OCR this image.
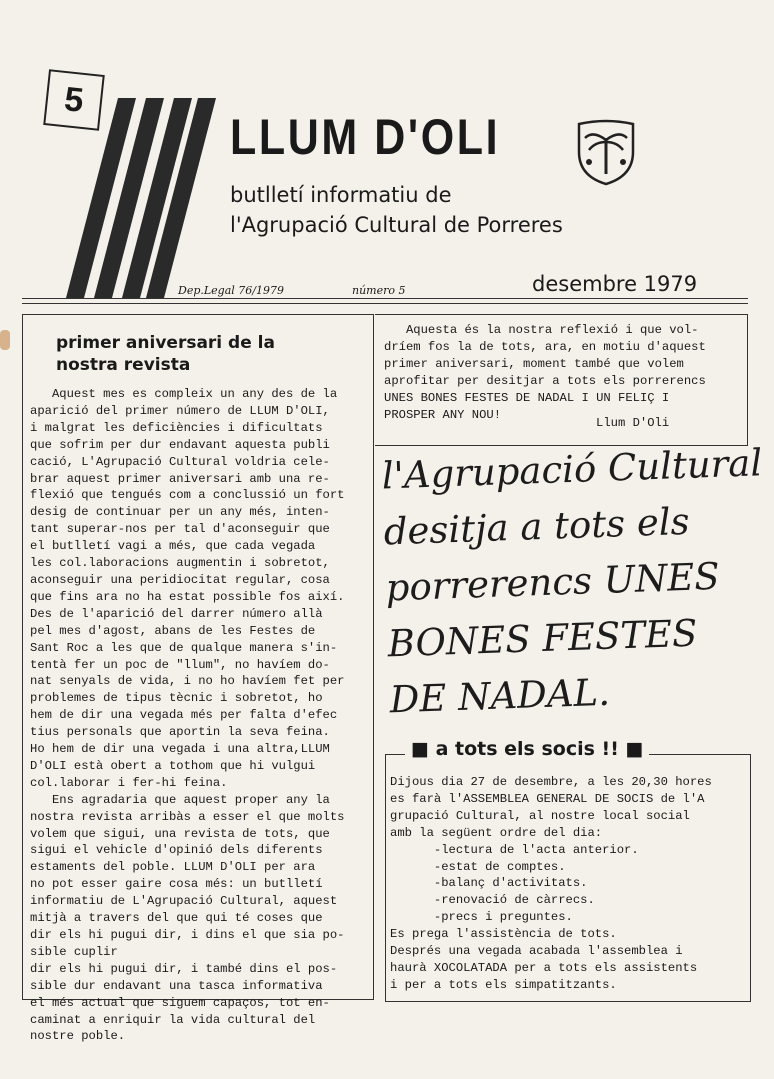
5
LLUM D'OLI
butlletí informatiu de
l'Agrupació Cultural de Porreres
Dep.Legal 76/1979	número 5	desembre 1979
primer aniversari de la
nostra revista
Aquest mes es compleix un any des de la
aparició del primer número de LLUM D'OLI,
i malgrat les deficiències i dificultats
que sofrim per dur endavant aquesta publi
cació, L'Agrupació Cultural voldria cele-
brar aquest primer aniversari amb una re-
flexió que tengués com a conclussió un fort
desig de continuar per un any més, inten-
tant superar-nos per tal d'aconseguir que
el butlletí vagi a més, que cada vegada
les col.laboracions augmentin i sobretot,
aconseguir una peridiocitat regular, cosa
que fins ara no ha estat possible fos així.
Des de l'aparició del darrer número allà
pel mes d'agost, abans de les Festes de
Sant Roc a les que de qualque manera s'in-
tentà fer un poc de "llum", no havíem do-
nat senyals de vida, i no ho havíem fet per
problemes de tipus tècnic i sobretot, ho
hem de dir una vegada més per falta d'efec
tius personals que aportin la seva feina.
Ho hem de dir una vegada i una altra,LLUM
D'OLI està obert a tothom que hi vulgui
col.laborar i fer-hi feina.
Ens agradaria que aquest proper any la
nostra revista arribàs a esser el que molts
volem que sigui, una revista de tots, que
sigui el vehicle d'opinió dels diferents
estaments del poble. LLUM D'OLI per ara
no pot esser gaire cosa més: un butlletí
informatiu de L'Agrupació Cultural, aquest
mitjà a travers del que qui té coses que
dir els hi pugui dir, i dins el que sia po-
sible cuplir
dir els hi pugui dir, i també dins el pos-
sible dur endavant una tasca informativa
el més actual que siguem capaços, tot en-
caminat a enriquir la vida cultural del
nostre poble.
Aquesta és la nostra reflexió i que vol-
dríem fos la de tots, ara, en motiu d'aquest
primer aniversari, moment també que volem
aprofitar per desitjar a tots els porrerencs
UNES BONES FESTES DE NADAL I UN FELIÇ I
PROSPER ANY NOU!
Llum D'Oli
l'Agrupació Cultural
desitja a tots els
porrerencs UNES
BONES FESTES
DE NADAL.
■ a tots els socis !! ■
Dijous dia 27 de desembre, a les 20,30 hores
es farà l'ASSEMBLEA GENERAL DE SOCIS de l'A
grupació Cultural, al nostre local social
amb la següent ordre del dia:
-lectura de l'acta anterior.
-estat de comptes.
-balanç d'activitats.
-renovació de càrrecs.
-precs i preguntes.
Es prega l'assistència de tots.
Després una vegada acabada l'assemblea i
haurà XOCOLATADA per a tots els assistents
i per a tots els simpatitzants.
